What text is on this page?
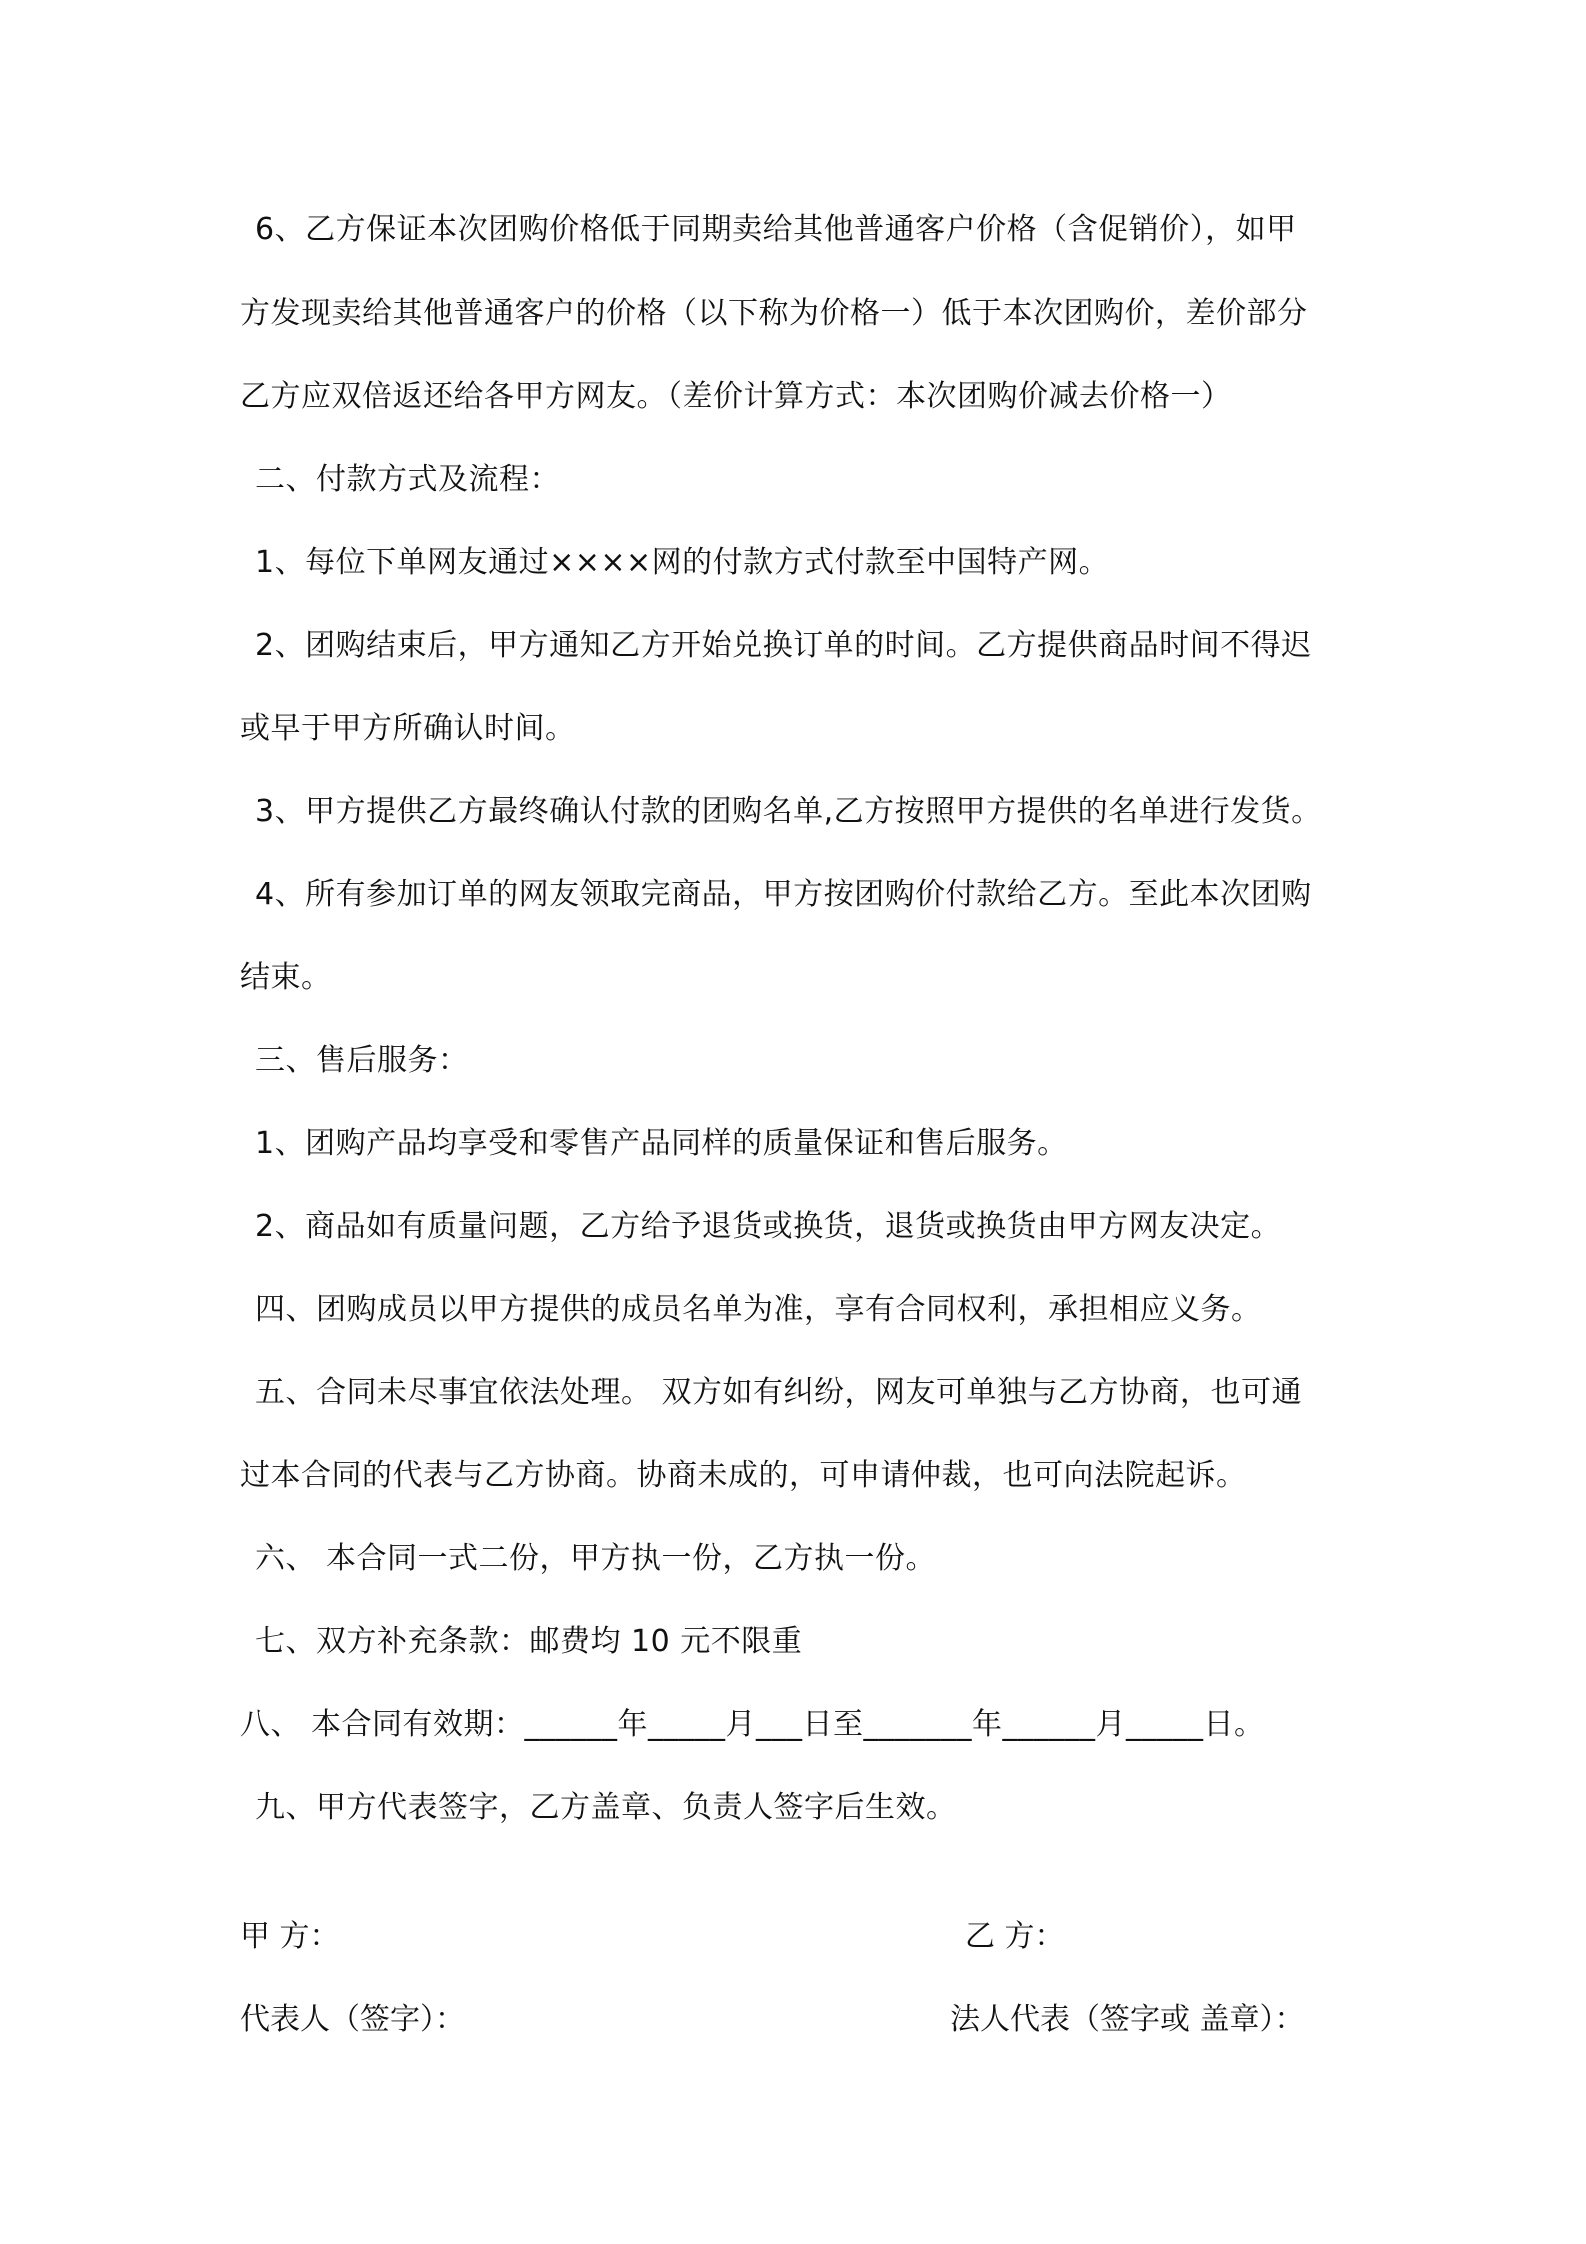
6、乙方保证本次团购价格低于同期卖给其他普通客户价格（含促销价），如甲
方发现卖给其他普通客户的价格（以下称为价格一）低于本次团购价，差价部分
乙方应双倍返还给各甲方网友。（差价计算方式：本次团购价减去价格一）
二、付款方式及流程：
1、每位下单网友通过××××网的付款方式付款至中国特产网。
2、团购结束后，甲方通知乙方开始兑换订单的时间。乙方提供商品时间不得迟
或早于甲方所确认时间。
3、甲方提供乙方最终确认付款的团购名单,乙方按照甲方提供的名单进行发货。
4、所有参加订单的网友领取完商品，甲方按团购价付款给乙方。至此本次团购
结束。
三、售后服务：
1、团购产品均享受和零售产品同样的质量保证和售后服务。
2、商品如有质量问题，乙方给予退货或换货，退货或换货由甲方网友决定。
四、团购成员以甲方提供的成员名单为准，享有合同权利，承担相应义务。
五、合同未尽事宜依法处理。 双方如有纠纷，网友可单独与乙方协商，也可通
过本合同的代表与乙方协商。协商未成的，可申请仲裁，也可向法院起诉。
六、 本合同一式二份，甲方执一份，乙方执一份。
七、双方补充条款：邮费均 10 元不限重
八、 本合同有效期：______年_____月___日至_______年______月_____日。
九、甲方代表签字，乙方盖章、负责人签字后生效。
甲 方：	乙 方：
代表人（签字）：	法人代表（签字或 盖章）：
